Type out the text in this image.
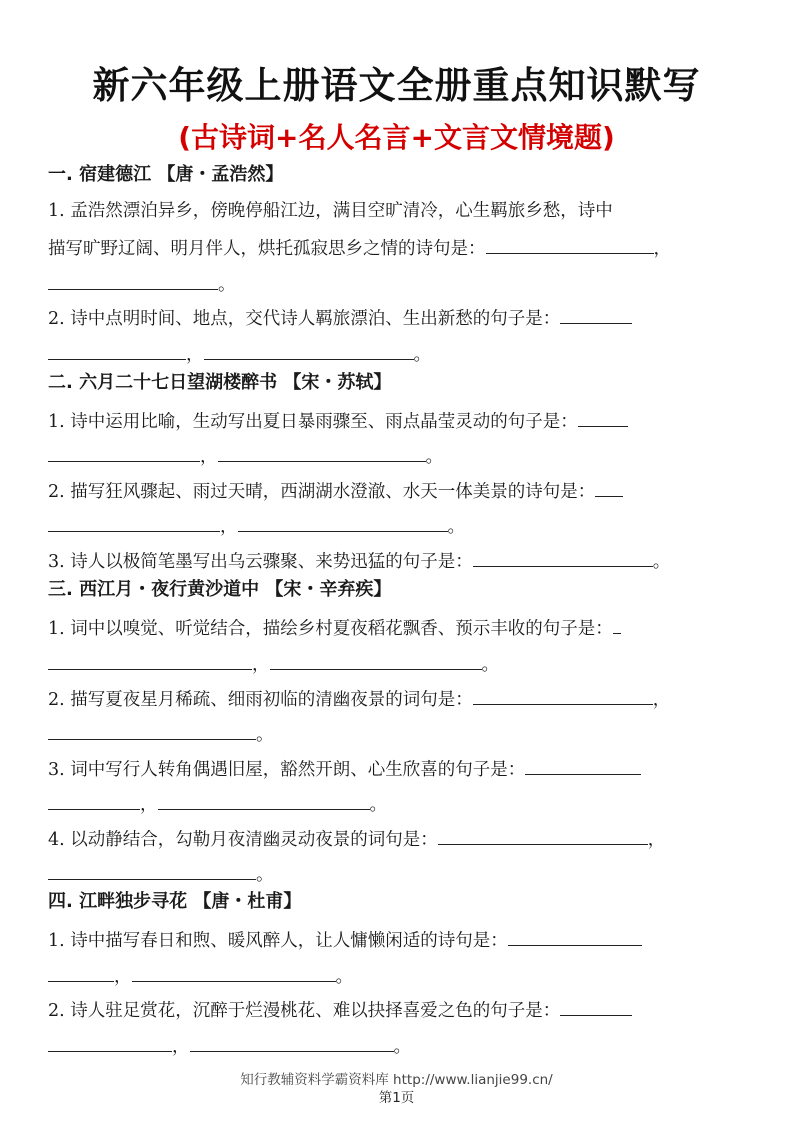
新六年级上册语文全册重点知识默写
(古诗词+名人名言+文言文情境题)
一. 宿建德江 【唐・孟浩然】
1. 孟浩然漂泊异乡，傍晚停船江边，满目空旷清冷，心生羁旅乡愁，诗中
描写旷野辽阔、明月伴人，烘托孤寂思乡之情的诗句是：	，
。
2. 诗中点明时间、地点，交代诗人羁旅漂泊、生出新愁的句子是：
，	。
二. 六月二十七日望湖楼醉书 【宋・苏轼】
1. 诗中运用比喻，生动写出夏日暴雨骤至、雨点晶莹灵动的句子是：
，	。
2. 描写狂风骤起、雨过天晴，西湖湖水澄澈、水天一体美景的诗句是：
，	。
3. 诗人以极简笔墨写出乌云骤聚、来势迅猛的句子是：	。
三. 西江月・夜行黄沙道中 【宋・辛弃疾】
1. 词中以嗅觉、听觉结合，描绘乡村夏夜稻花飘香、预示丰收的句子是：
，	。
2. 描写夏夜星月稀疏、细雨初临的清幽夜景的词句是：	，
。
3. 词中写行人转角偶遇旧屋，豁然开朗、心生欣喜的句子是：
，	。
4. 以动静结合，勾勒月夜清幽灵动夜景的词句是：	，
。
四. 江畔独步寻花 【唐・杜甫】
1. 诗中描写春日和煦、暖风醉人，让人慵懒闲适的诗句是：
，	。
2. 诗人驻足赏花，沉醉于烂漫桃花、难以抉择喜爱之色的句子是：
，	。
知行教辅资料学霸资料库 http://www.lianjie99.cn/
第1页
